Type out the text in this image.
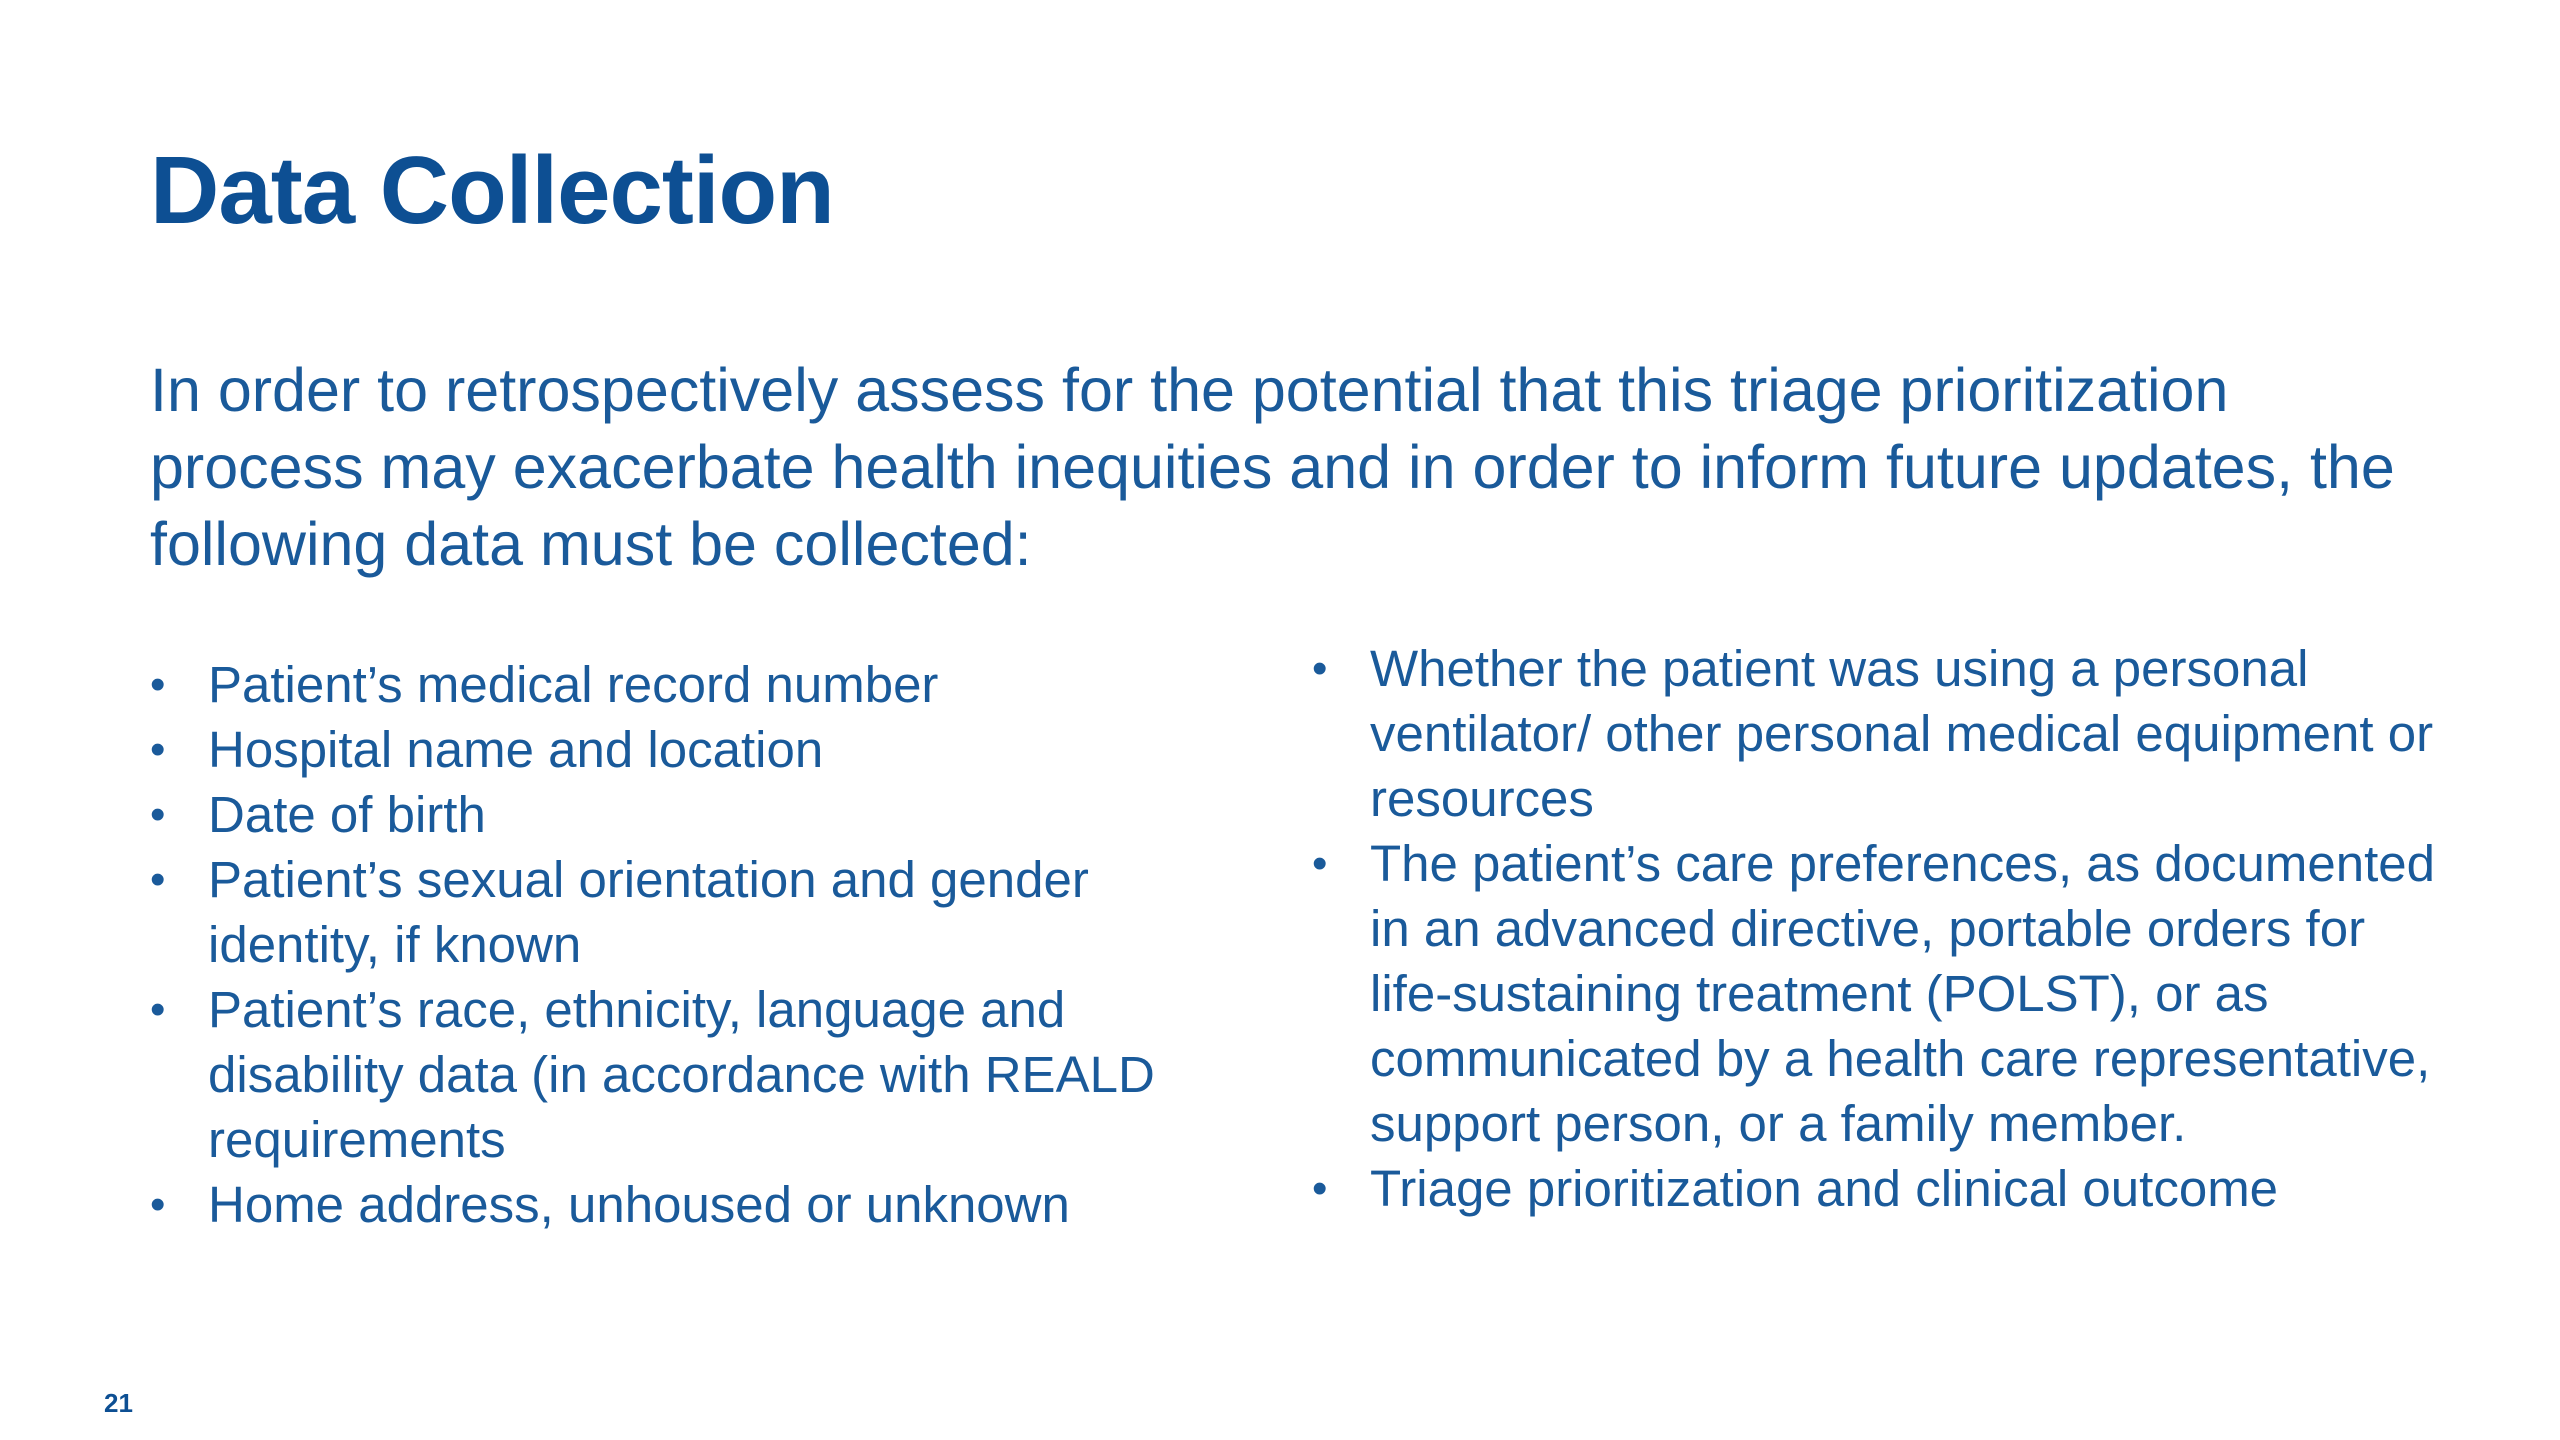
Data Collection

In order to retrospectively assess for the potential that this triage prioritization process may exacerbate health inequities and in order to inform future updates, the following data must be collected:

• Patient’s medical record number
• Hospital name and location
• Date of birth
• Patient’s sexual orientation and gender identity, if known
• Patient’s race, ethnicity, language and disability data (in accordance with REALD requirements
• Home address, unhoused or unknown
• Whether the patient was using a personal ventilator/ other personal medical equipment or resources
• The patient’s care preferences, as documented in an advanced directive, portable orders for life-sustaining treatment (POLST), or as communicated by a health care representative, support person, or a family member.
• Triage prioritization and clinical outcome
21
